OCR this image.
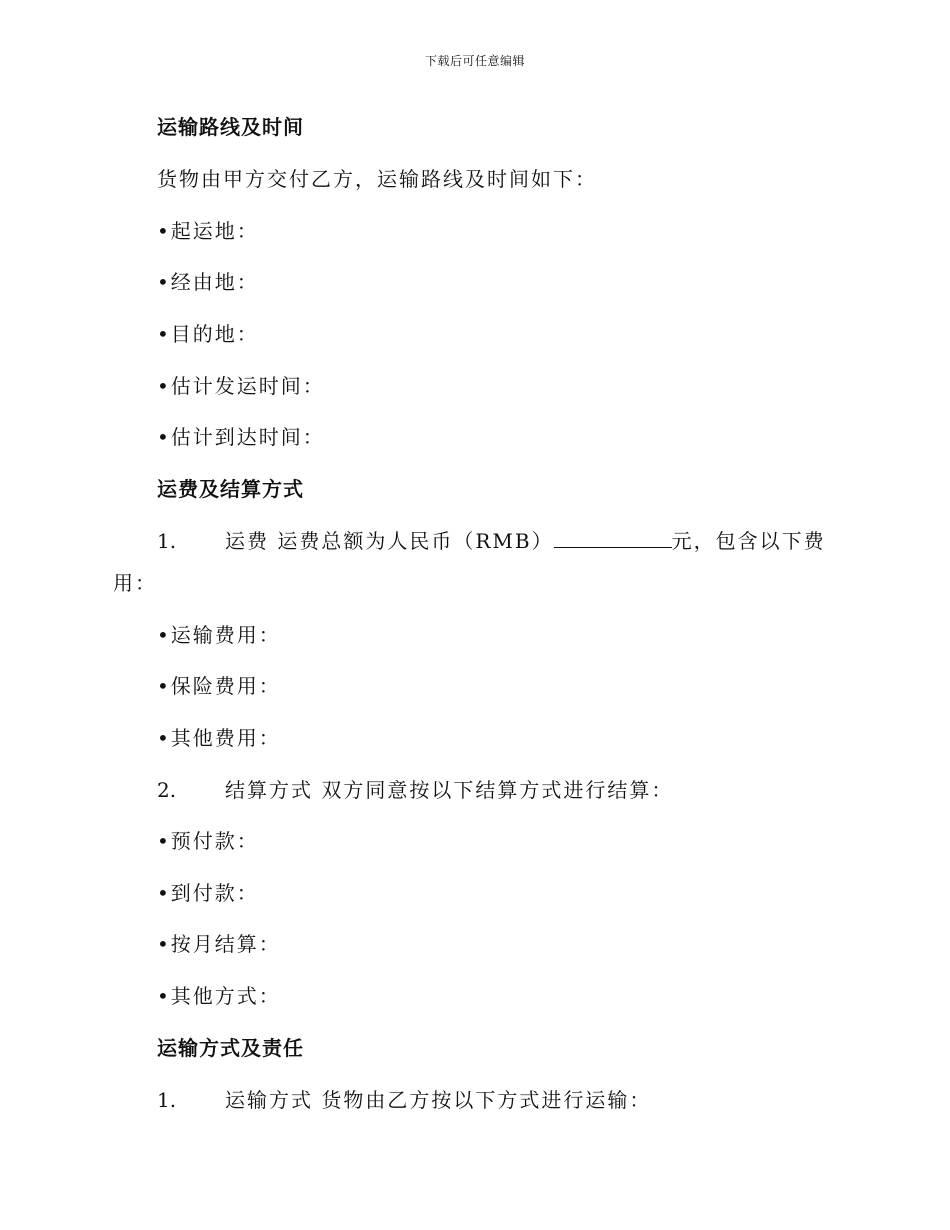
下载后可任意编辑
运输路线及时间
货物由甲方交付乙方，运输路线及时间如下：
• 起运地：
• 经由地：
• 目的地：
• 估计发运时间：
• 估计到达时间：
运费及结算方式
1. 运费 运费总额为人民币（RMB）	元，包含以下费
用：
• 运输费用：
• 保险费用：
• 其他费用：
2. 结算方式 双方同意按以下结算方式进行结算：
• 预付款：
• 到付款：
• 按月结算：
• 其他方式：
运输方式及责任
1. 运输方式 货物由乙方按以下方式进行运输：
